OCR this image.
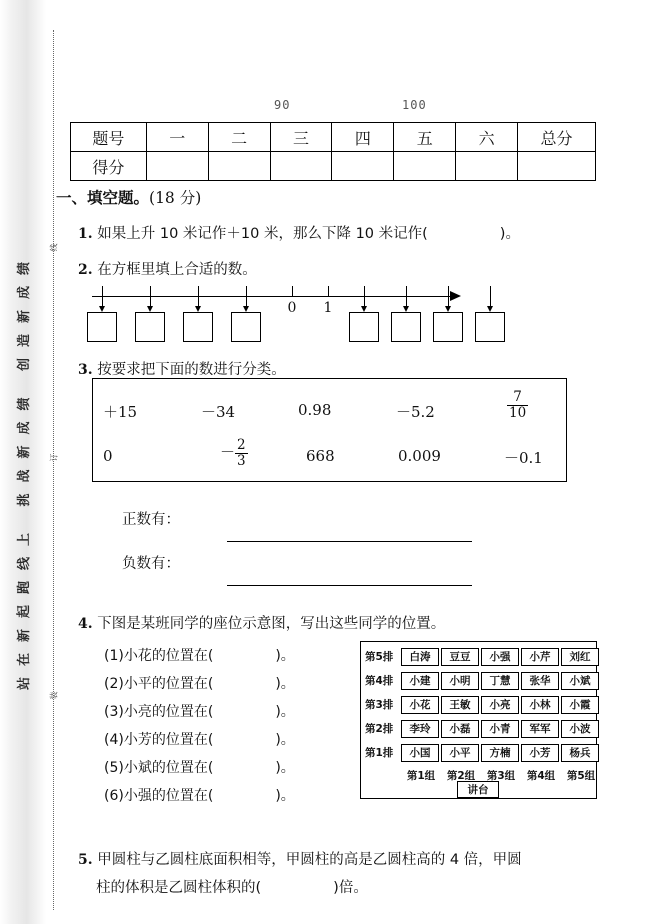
站在新起跑线上 挑战新成绩 创造新成绩
线
订
装
90	100
题号	一	二	三	四	五	六	总分
得分							
一、填空题。(18 分)
1. 如果上升 10 米记作＋10 米，那么下降 10 米记作(	)。
2. 在方框里填上合适的数。
0 1
3. 按要求把下面的数进行分类。
＋15	－34	0.98	－5.2	$\frac{7}{10}$
0	－ $\frac{2}{3}$	668	0.009	－0.1
正数有：
负数有：
4. 下图是某班同学的座位示意图，写出这些同学的位置。
第5排	白涛	豆豆	小强	小芹	刘红
第4排	小建	小明	丁慧	张华	小斌
第3排	小花	王敏	小亮	小林	小霞
第2排	李玲	小磊	小青	军军	小波
第1排	小国	小平	方楠	小芳	杨兵
第1组	第2组	第3组	第4组	第5组
讲台
5. 甲圆柱与乙圆柱底面积相等，甲圆柱的高是乙圆柱高的 4 倍，甲圆
柱的体积是乙圆柱体积的(	)倍。
(1)小花的位置在(	)。
(2)小平的位置在(	)。
(3)小亮的位置在(	)。
(4)小芳的位置在(	)。
(5)小斌的位置在(	)。
(6)小强的位置在(	)。
